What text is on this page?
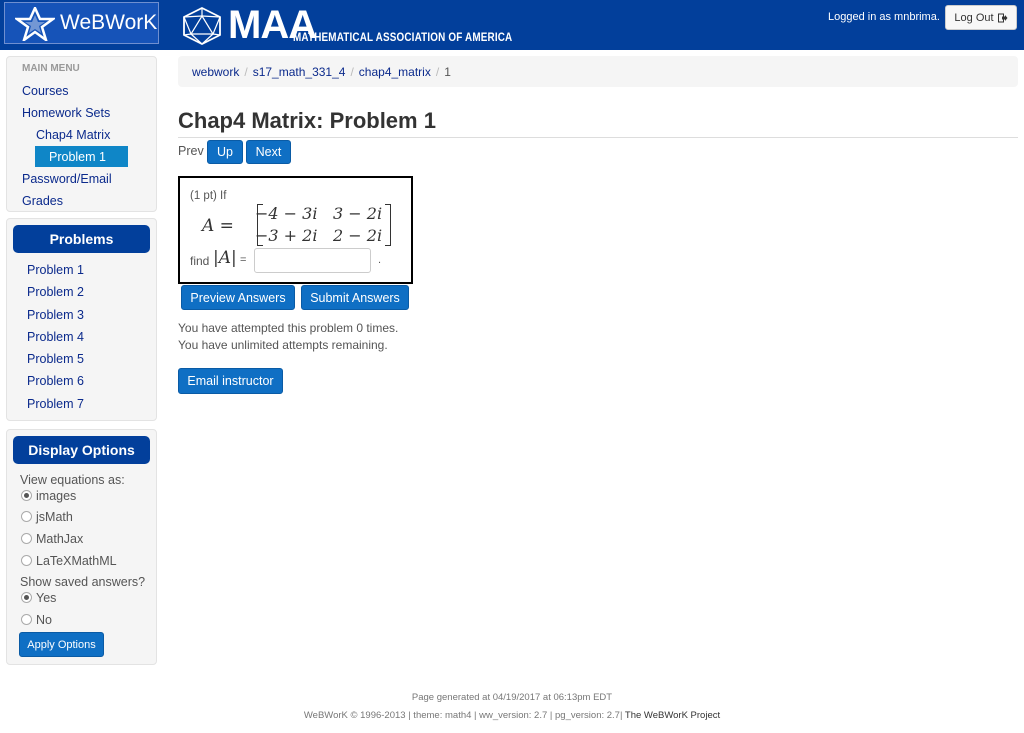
WeBWorK MAA
MATHEMATICAL ASSOCIATION OF AMERICA
Logged in as mnbrima. Log Out
MAIN MENU
Courses
Homework Sets
Chap4 Matrix
Password/Email
Grades
Problem 1
Problems
Problem 1
Problem 2
Problem 3
Problem 4
Problem 5
Problem 6
Problem 7
Display Options
View equations as:
images
jsMath
MathJax
LaTeXMathML
Show saved answers?
Yes
No
Apply Options
webwork / s17_math_331_4 / chap4_matrix / 1
Chap4 Matrix: Problem 1
Prev	Up	Next
(1 pt) If
A =
−4 − 3i 3 − 2i
−3 + 2i 2 − 2i
find |A| =	.
Preview Answers	Submit Answers
You have attempted this problem 0 times.
You have unlimited attempts remaining.
Email instructor
Page generated at 04/19/2017 at 06:13pm EDT
WeBWorK © 1996-2013 | theme: math4 | ww_version: 2.7 | pg_version: 2.7| The WeBWorK Project
